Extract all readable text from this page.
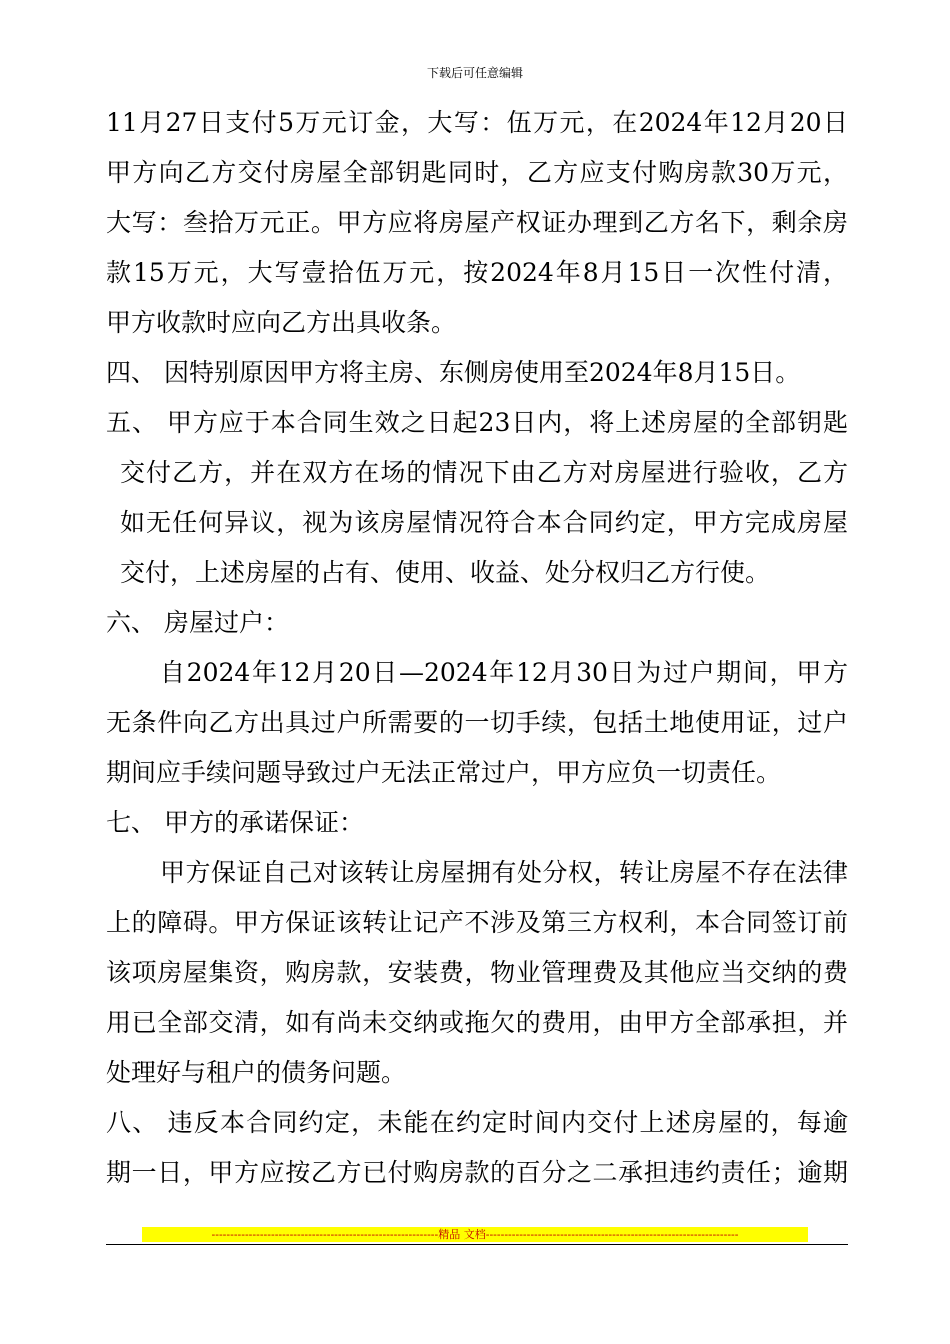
下载后可任意编辑
11月27日支付5万元订金，大写：伍万元，在2024年12月20日
甲方向乙方交付房屋全部钥匙同时，乙方应支付购房款30万元，
大写：叁拾万元正。甲方应将房屋产权证办理到乙方名下，剩余房
款15万元，大写壹拾伍万元，按2024年8月15日一次性付清，
甲方收款时应向乙方出具收条。
四、 因特别原因甲方将主房、东侧房使用至2024年8月15日。
五、 甲方应于本合同生效之日起23日内，将上述房屋的全部钥匙
交付乙方，并在双方在场的情况下由乙方对房屋进行验收，乙方
如无任何异议，视为该房屋情况符合本合同约定，甲方完成房屋
交付，上述房屋的占有、使用、收益、处分权归乙方行使。
六、 房屋过户：
自2024年12月20日—2024年12月30日为过户期间，甲方
无条件向乙方出具过户所需要的一切手续，包括土地使用证，过户
期间应手续问题导致过户无法正常过户，甲方应负一切责任。
七、 甲方的承诺保证：
甲方保证自己对该转让房屋拥有处分权，转让房屋不存在法律
上的障碍。甲方保证该转让记产不涉及第三方权利，本合同签订前
该项房屋集资，购房款，安装费，物业管理费及其他应当交纳的费
用已全部交清，如有尚未交纳或拖欠的费用，由甲方全部承担，并
处理好与租户的债务问题。
八、 违反本合同约定，未能在约定时间内交付上述房屋的，每逾
期一日，甲方应按乙方已付购房款的百分之二承担违约责任；逾期
-------------------------------------------------------------精品 文档--------------------------------------------------------------------
